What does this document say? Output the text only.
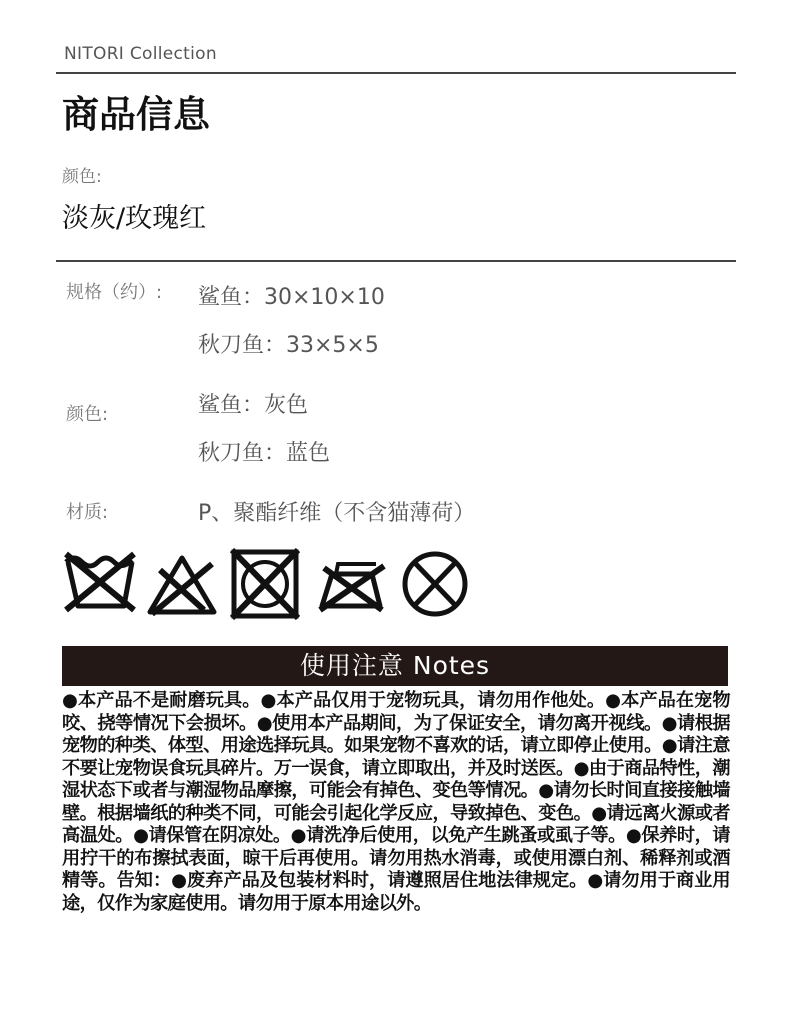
NITORI Collection
商品信息
颜色:
淡灰/玫瑰红
规格（约）: 鲨鱼：30×10×10
秋刀鱼：33×5×5
颜色:	鲨鱼：灰色
秋刀鱼：蓝色
材质:	P、聚酯纤维（不含猫薄荷）
使用注意 Notes
●本产品不是耐磨玩具。●本产品仅用于宠物玩具，请勿用作他处。●本产品在宠物咬、挠等情况下会损坏。●使用本产品期间，为了保证安全，请勿离开视线。●请根据宠物的种类、体型、用途选择玩具。如果宠物不喜欢的话，请立即停止使用。●请注意不要让宠物误食玩具碎片。万一误食，请立即取出，并及时送医。●由于商品特性，潮湿状态下或者与潮湿物品摩擦，可能会有掉色、变色等情况。●请勿长时间直接接触墙壁。根据墙纸的种类不同，可能会引起化学反应，导致掉色、变色。●请远离火源或者高温处。●请保管在阴凉处。●请洗净后使用，以免产生跳蚤或虱子等。●保养时，请用拧干的布擦拭表面，晾干后再使用。请勿用热水消毒，或使用漂白剂、稀释剂或酒精等。告知：●废弃产品及包装材料时，请遵照居住地法律规定。●请勿用于商业用途，仅作为家庭使用。请勿用于原本用途以外。
